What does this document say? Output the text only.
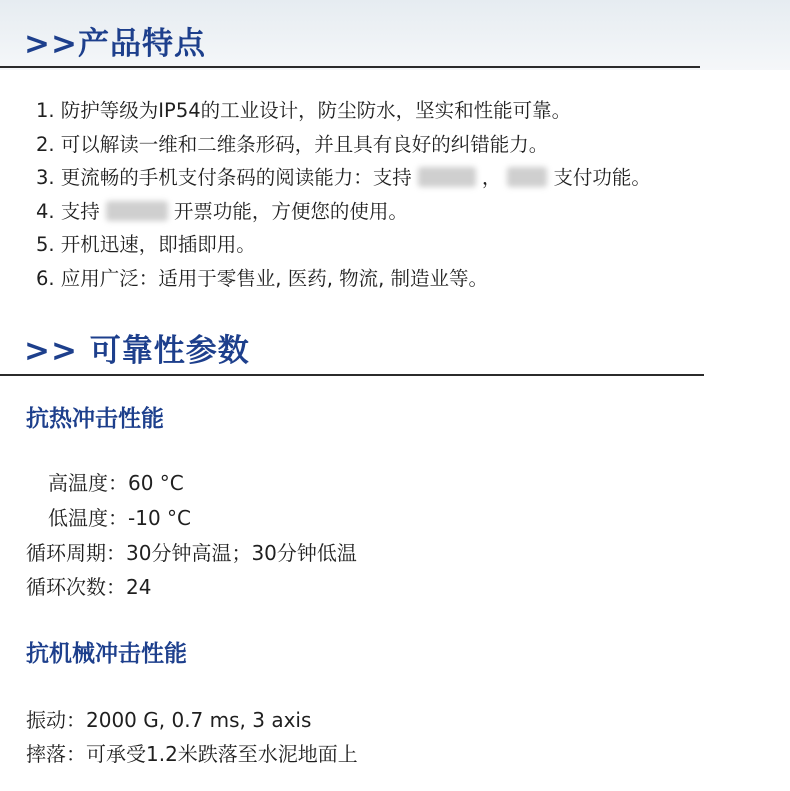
>>产品特点
1. 防护等级为IP54的工业设计，防尘防水，坚实和性能可靠。
2. 可以解读一维和二维条形码，并且具有良好的纠错能力。
3. 更流畅的手机支付条码的阅读能力：支持	，	支付功能。
4. 支持	开票功能，方便您的使用。
5. 开机迅速，即插即用。
6. 应用广泛：适用于零售业, 医药, 物流, 制造业等。
>> 可靠性参数
抗热冲击性能
高温度：60 °C
低温度：-10 °C
循环周期：30分钟高温；30分钟低温
循环次数：24
抗机械冲击性能
振动：2000 G, 0.7 ms, 3 axis
摔落：可承受1.2米跌落至水泥地面上
